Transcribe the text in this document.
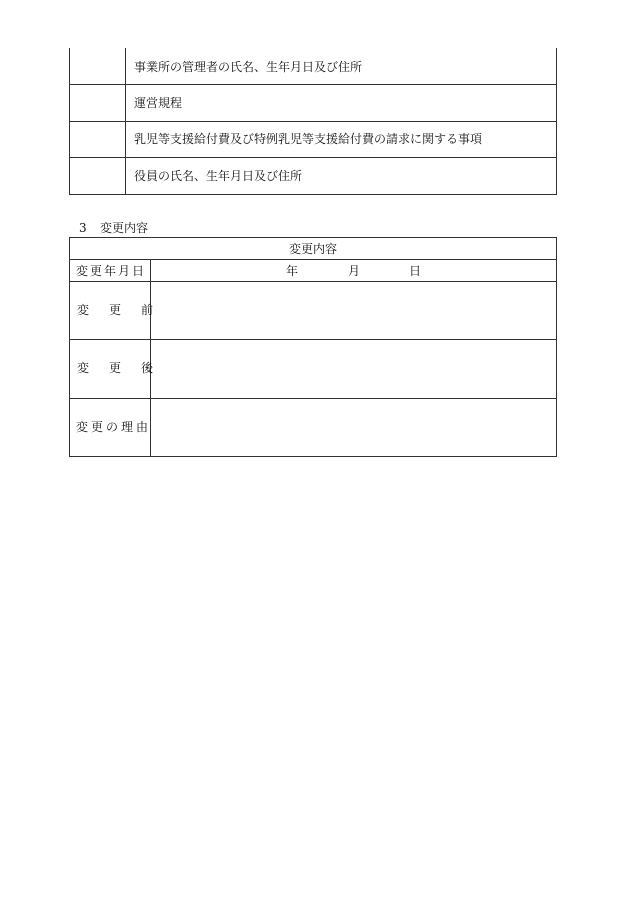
事業所の管理者の氏名、生年月日及び住所
運営規程
乳児等支援給付費及び特例乳児等支援給付費の請求に関する事項
役員の氏名、生年月日及び住所
3 変更内容
変更内容
変更年月日	年	月	日
変　更　前
変　更　後
変更の理由
